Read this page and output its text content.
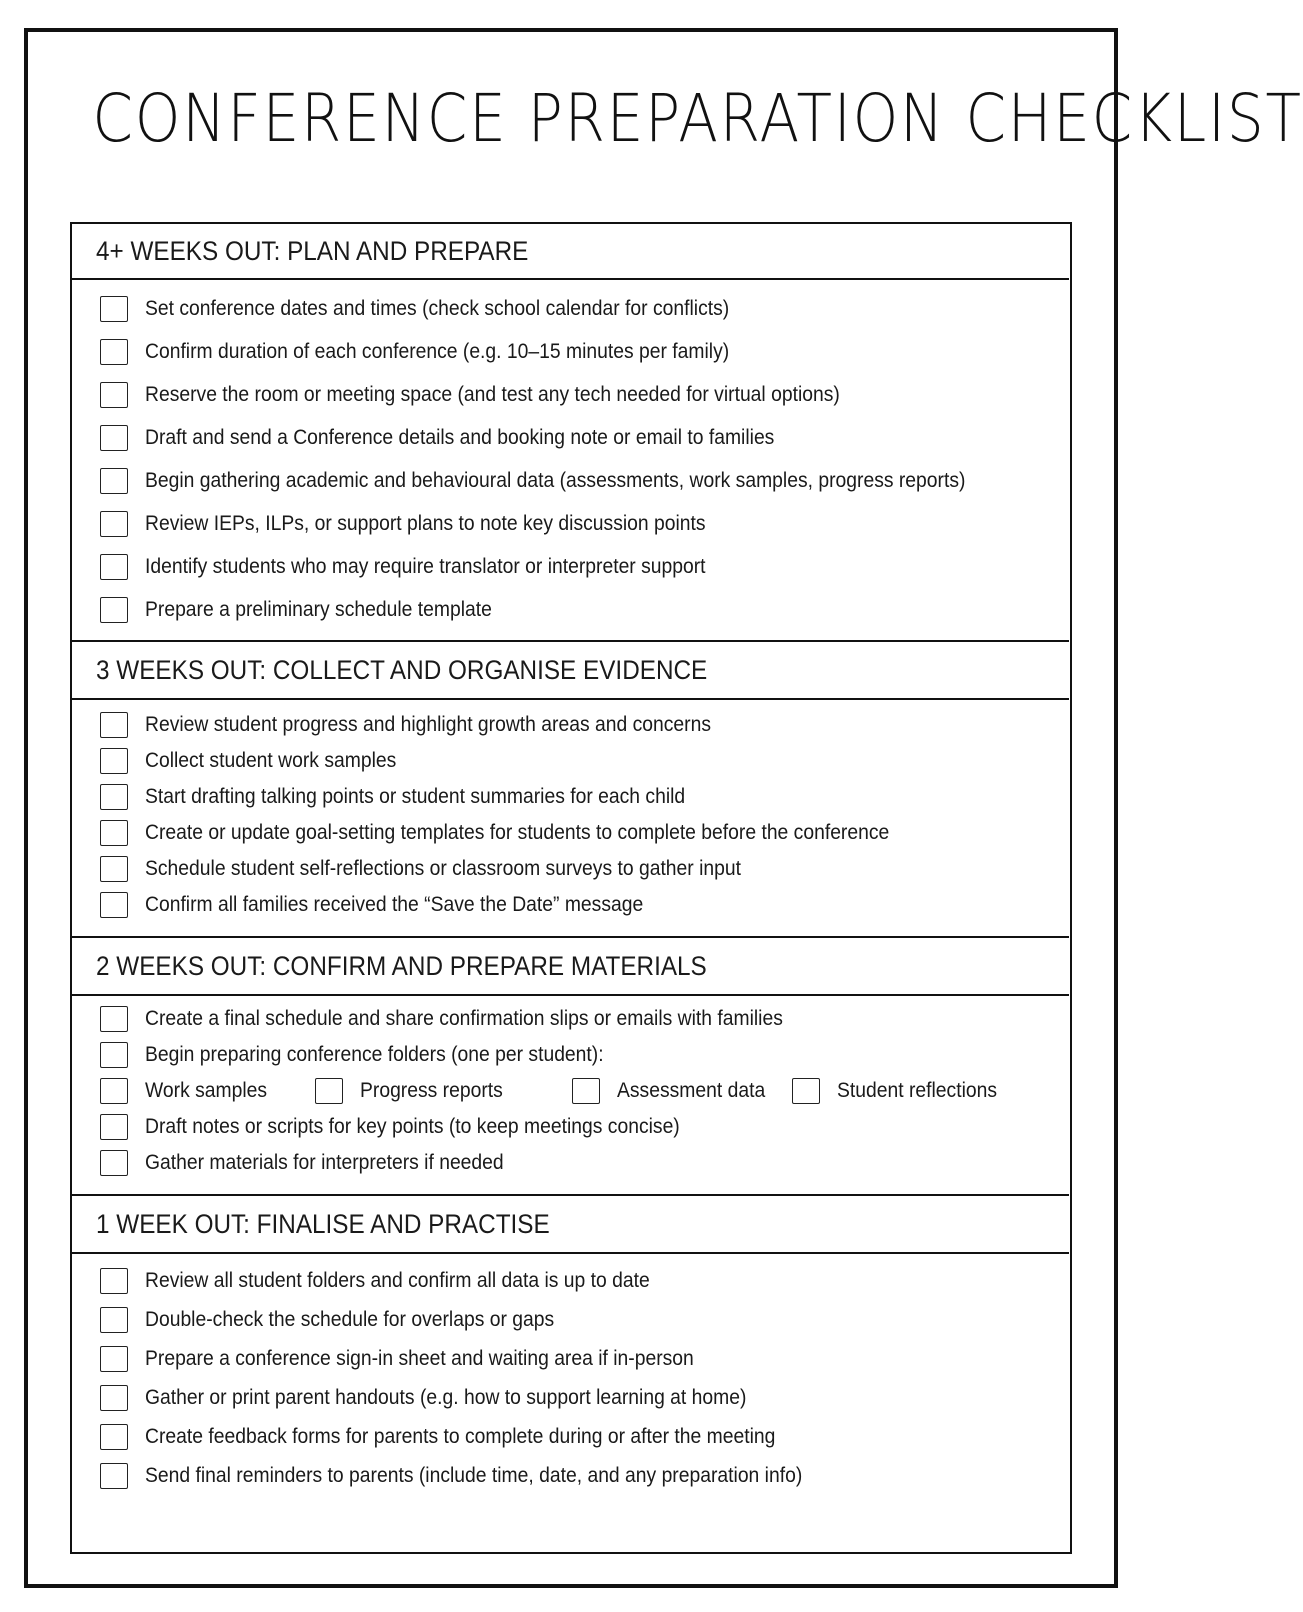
CONFERENCE PREPARATION CHECKLIST
4+ WEEKS OUT: PLAN AND PREPARE
Set conference dates and times (check school calendar for conflicts)
Confirm duration of each conference (e.g. 10–15 minutes per family)
Reserve the room or meeting space (and test any tech needed for virtual options)
Draft and send a Conference details and booking note or email to families
Begin gathering academic and behavioural data (assessments, work samples, progress reports)
Review IEPs, ILPs, or support plans to note key discussion points
Identify students who may require translator or interpreter support
Prepare a preliminary schedule template
3 WEEKS OUT: COLLECT AND ORGANISE EVIDENCE
Review student progress and highlight growth areas and concerns
Collect student work samples
Start drafting talking points or student summaries for each child
Create or update goal-setting templates for students to complete before the conference
Schedule student self-reflections or classroom surveys to gather input
Confirm all families received the “Save the Date” message
2 WEEKS OUT: CONFIRM AND PREPARE MATERIALS
Create a final schedule and share confirmation slips or emails with families
Begin preparing conference folders (one per student):
Work samples	Progress reports	Assessment data	Student reflections
Draft notes or scripts for key points (to keep meetings concise)
Gather materials for interpreters if needed
1 WEEK OUT: FINALISE AND PRACTISE
Review all student folders and confirm all data is up to date
Double-check the schedule for overlaps or gaps
Prepare a conference sign-in sheet and waiting area if in-person
Gather or print parent handouts (e.g. how to support learning at home)
Create feedback forms for parents to complete during or after the meeting
Send final reminders to parents (include time, date, and any preparation info)
